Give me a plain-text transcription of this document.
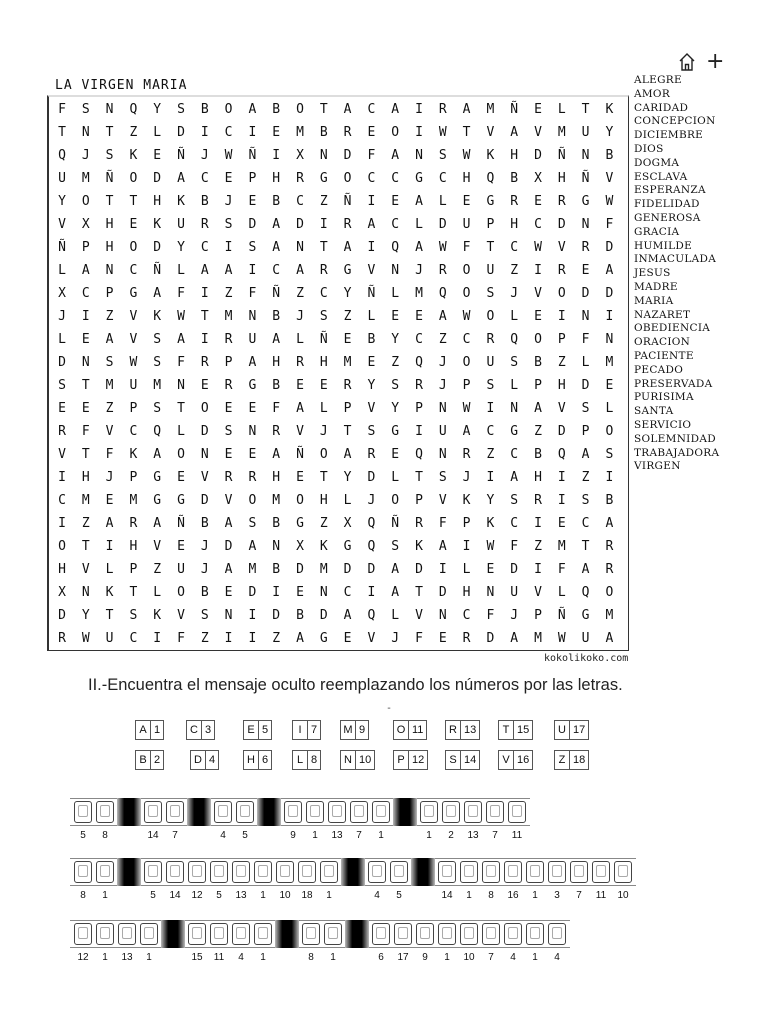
+
LA VIRGEN MARIA
F	S	N	Q	Y	S	B	O	A	B	O	T	A	C	A	I	R	A	M	Ñ	E	L	T	K
T	N	T	Z	L	D	I	C	I	E	M	B	R	E	O	I	W	T	V	A	V	M	U	Y
Q	J	S	K	E	Ñ	J	W	Ñ	I	X	N	D	F	A	N	S	W	K	H	D	Ñ	N	B
U	M	Ñ	O	D	A	C	E	P	H	R	G	O	C	C	G	C	H	Q	B	X	H	Ñ	V
Y	O	T	T	H	K	B	J	E	B	C	Z	Ñ	I	E	A	L	E	G	R	E	R	G	W
V	X	H	E	K	U	R	S	D	A	D	I	R	A	C	L	D	U	P	H	C	D	N	F
Ñ	P	H	O	D	Y	C	I	S	A	N	T	A	I	Q	A	W	F	T	C	W	V	R	D
L	A	N	C	Ñ	L	A	A	I	C	A	R	G	V	N	J	R	O	U	Z	I	R	E	A
X	C	P	G	A	F	I	Z	F	Ñ	Z	C	Y	Ñ	L	M	Q	O	S	J	V	O	D	D
J	I	Z	V	K	W	T	M	N	B	J	S	Z	L	E	E	A	W	O	L	E	I	N	I
L	E	A	V	S	A	I	R	U	A	L	Ñ	E	B	Y	C	Z	C	R	Q	O	P	F	N
D	N	S	W	S	F	R	P	A	H	R	H	M	E	Z	Q	J	O	U	S	B	Z	L	M
S	T	M	U	M	N	E	R	G	B	E	E	R	Y	S	R	J	P	S	L	P	H	D	E
E	E	Z	P	S	T	O	E	E	F	A	L	P	V	Y	P	N	W	I	N	A	V	S	L
R	F	V	C	Q	L	D	S	N	R	V	J	T	S	G	I	U	A	C	G	Z	D	P	O
V	T	F	K	A	O	N	E	E	A	Ñ	O	A	R	E	Q	N	R	Z	C	B	Q	A	S
I	H	J	P	G	E	V	R	R	H	E	T	Y	D	L	T	S	J	I	A	H	I	Z	I
C	M	E	M	G	G	D	V	O	M	O	H	L	J	O	P	V	K	Y	S	R	I	S	B
I	Z	A	R	A	Ñ	B	A	S	B	G	Z	X	Q	Ñ	R	F	P	K	C	I	E	C	A
O	T	I	H	V	E	J	D	A	N	X	K	G	Q	S	K	A	I	W	F	Z	M	T	R
H	V	L	P	Z	U	J	A	M	B	D	M	D	D	A	D	I	L	E	D	I	F	A	R
X	N	K	T	L	O	B	E	D	I	E	N	C	I	A	T	D	H	N	U	V	L	Q	O
D	Y	T	S	K	V	S	N	I	D	B	D	A	Q	L	V	N	C	F	J	P	Ñ	G	M
R	W	U	C	I	F	Z	I	I	Z	A	G	E	V	J	F	E	R	D	A	M	W	U	A
kokolikoko.com
ALEGRE
AMOR
CARIDAD
CONCEPCION
DICIEMBRE
DIOS
DOGMA
ESCLAVA
ESPERANZA
FIDELIDAD
GENEROSA
GRACIA
HUMILDE
INMACULADA
JESUS
MADRE
MARIA
NAZARET
OBEDIENCIA
ORACION
PACIENTE
PECADO
PRESERVADA
PURISIMA
SANTA
SERVICIO
SOLEMNIDAD
TRABAJADORA
VIRGEN
II.-Encuentra el mensaje oculto reemplazando los números por las letras.
-
A 1	C 3	E 5	I 7 M 9	O 11 R 13	T 15	U 17
B 2	D 4	H 6	L 8 N 10	P 12	S 14	V 16	Z 18
5	8	14	7	4	5	9	1	13	7	1	1	2	13	7	11
8	1	5	14	12	5	13	1	10	18	1	4	5	14	1	8	16	1	3	7	11	10
12	1	13	1	15	11	4	1	8	1	6	17	9	1	10	7	4	1	4
